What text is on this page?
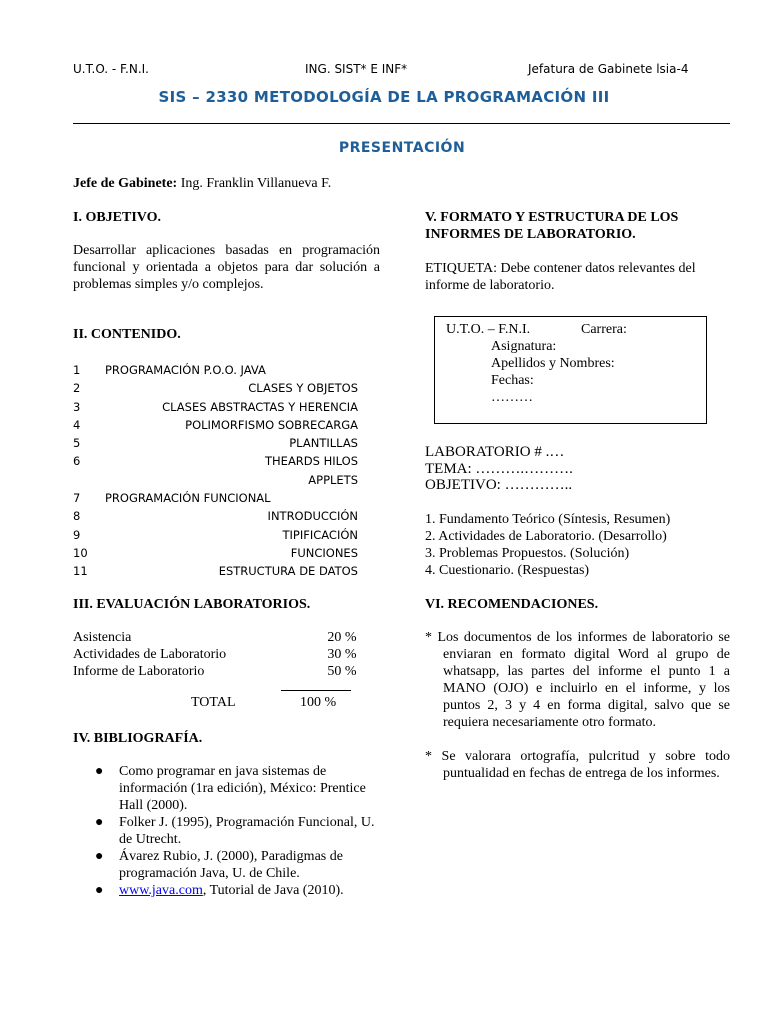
U.T.O. - F.N.I.	ING. SIST* E INF*	Jefatura de Gabinete lsia-4
SIS – 2330 METODOLOGÍA DE LA PROGRAMACIÓN III
PRESENTACIÓN
Jefe de Gabinete: Ing. Franklin Villanueva F.

I. OBJETIVO.

Desarrollar aplicaciones basadas en programación funcional y orientada a objetos para dar solución a problemas simples y/o complejos.

II. CONTENIDO.

1 PROGRAMACIÓN P.O.O. JAVA
2	CLASES Y OBJETOS
3	CLASES ABSTRACTAS Y HERENCIA
4	POLIMORFISMO SOBRECARGA
5	PLANTILLAS
6	THEARDS HILOS
APPLETS
7 PROGRAMACIÓN FUNCIONAL
8	INTRODUCCIÓN
9	TIPIFICACIÓN
10	FUNCIONES
11	ESTRUCTURA DE DATOS

III. EVALUACIÓN LABORATORIOS.

Asistencia	20 %
Actividades de Laboratorio	30 %
Informe de Laboratorio	50 %
TOTAL	100 %

IV. BIBLIOGRAFÍA.

● Como programar en java sistemas de información (1ra edición), México: Prentice Hall (2000).
● Folker J. (1995), Programación Funcional, U. de Utrecht.
● Ávarez Rubio, J. (2000), Paradigmas de programación Java, U. de Chile.
● www.java.com, Tutorial de Java (2010).

V. FORMATO Y ESTRUCTURA DE LOS INFORMES DE LABORATORIO.

ETIQUETA: Debe contener datos relevantes del informe de laboratorio.

U.T.O. – F.N.I.	Carrera:
Asignatura:
Apellidos y Nombres:
Fechas:
………

LABORATORIO # .…

TEMA: ……….……….

OBJETIVO: …………..

1. Fundamento Teórico (Síntesis, Resumen)

2. Actividades de Laboratorio. (Desarrollo)

3. Problemas Propuestos. (Solución)

4. Cuestionario. (Respuestas)

VI. RECOMENDACIONES.

* Los documentos de los informes de laboratorio se enviaran en formato digital Word al grupo de whatsapp, las partes del informe el punto 1 a MANO (OJO) e incluirlo en el informe, y los puntos 2, 3 y 4 en forma digital, salvo que se requiera necesariamente otro formato.

* Se valorara ortografía, pulcritud y sobre todo puntualidad en fechas de entrega de los informes.
